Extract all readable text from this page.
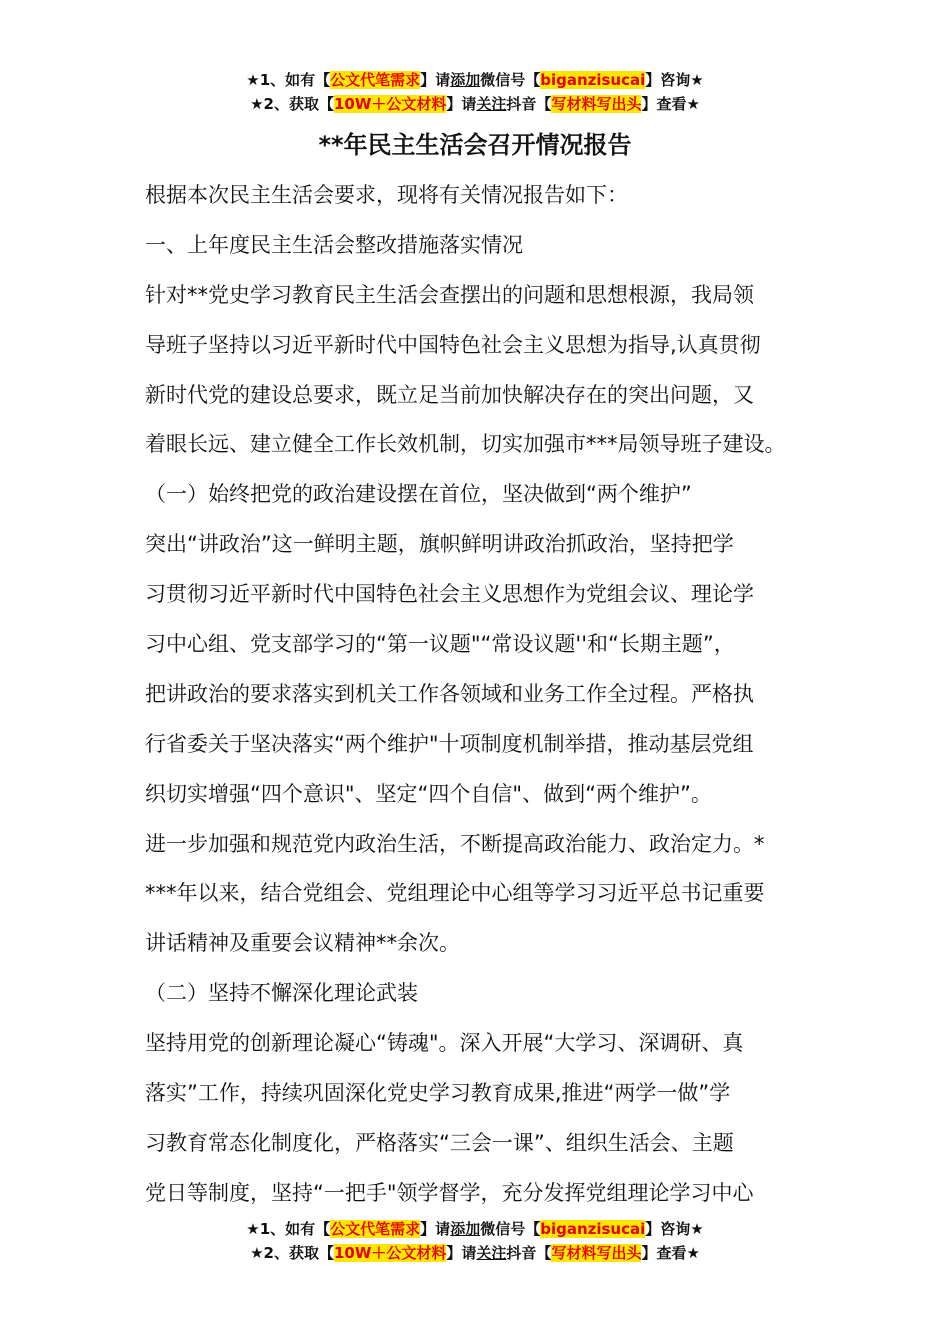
★1、如有【公文代笔需求】请添加微信号【biganzisucai】咨询★
★2、获取【10W＋公文材料】请关注抖音【写材料写出头】查看★
**年民主生活会召开情况报告
根据本次民主生活会要求，现将有关情况报告如下：
一、上年度民主生活会整改措施落实情况
针对**党史学习教育民主生活会查摆出的问题和思想根源，我局领
导班子坚持以习近平新时代中国特色社会主义思想为指导,认真贯彻
新时代党的建设总要求，既立足当前加快解决存在的突出问题，又
着眼长远、建立健全工作长效机制，切实加强市***局领导班子建设。
（一）始终把党的政治建设摆在首位，坚决做到“两个维护”
突出“讲政治”这一鲜明主题，旗帜鲜明讲政治抓政治，坚持把学
习贯彻习近平新时代中国特色社会主义思想作为党组会议、理论学
习中心组、党支部学习的“第一议题"“常设议题''和“长期主题”，
把讲政治的要求落实到机关工作各领域和业务工作全过程。严格执
行省委关于坚决落实“两个维护"十项制度机制举措，推动基层党组
织切实增强“四个意识"、坚定“四个自信"、做到“两个维护”。
进一步加强和规范党内政治生活，不断提高政治能力、政治定力。*
***年以来，结合党组会、党组理论中心组等学习习近平总书记重要
讲话精神及重要会议精神**余次。
（二）坚持不懈深化理论武装
坚持用党的创新理论凝心“铸魂"。深入开展“大学习、深调研、真
落实”工作，持续巩固深化党史学习教育成果,推进“两学一做”学
习教育常态化制度化，严格落实“三会一课”、组织生活会、主题
党日等制度，坚持“一把手"领学督学，充分发挥党组理论学习中心
★1、如有【公文代笔需求】请添加微信号【biganzisucai】咨询★
★2、获取【10W＋公文材料】请关注抖音【写材料写出头】查看★
